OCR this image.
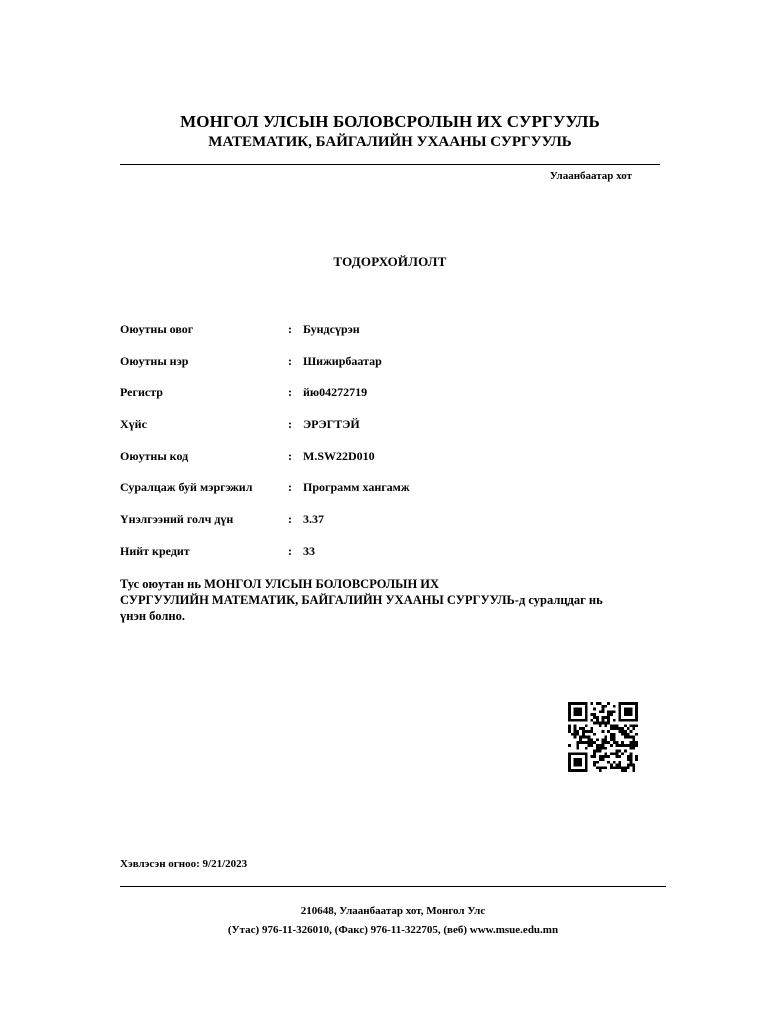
МОНГОЛ УЛСЫН БОЛОВСРОЛЫН ИХ СУРГУУЛЬ
МАТЕМАТИК, БАЙГАЛИЙН УХААНЫ СУРГУУЛЬ
Улаанбаатар хот
ТОДОРХОЙЛОЛТ
Оюутны овог	: Бундсүрэн
Оюутны нэр	: Шижирбаатар
Регистр	: йю04272719
Хүйс	: ЭРЭГТЭЙ
Оюутны код	: M.SW22D010
Суралцаж буй мэргэжил	: Программ хангамж
Үнэлгээний голч дүн	: 3.37
Нийт кредит	: 33
Тус оюутан нь МОНГОЛ УЛСЫН БОЛОВСРОЛЫН ИХ
СУРГУУЛИЙН МАТЕМАТИК, БАЙГАЛИЙН УХААНЫ СУРГУУЛЬ-д суралцдаг нь
үнэн болно.
Хэвлэсэн огноо: 9/21/2023
210648, Улаанбаатар хот, Монгол Улс
(Утас) 976-11-326010, (Факс) 976-11-322705, (веб) www.msue.edu.mn
